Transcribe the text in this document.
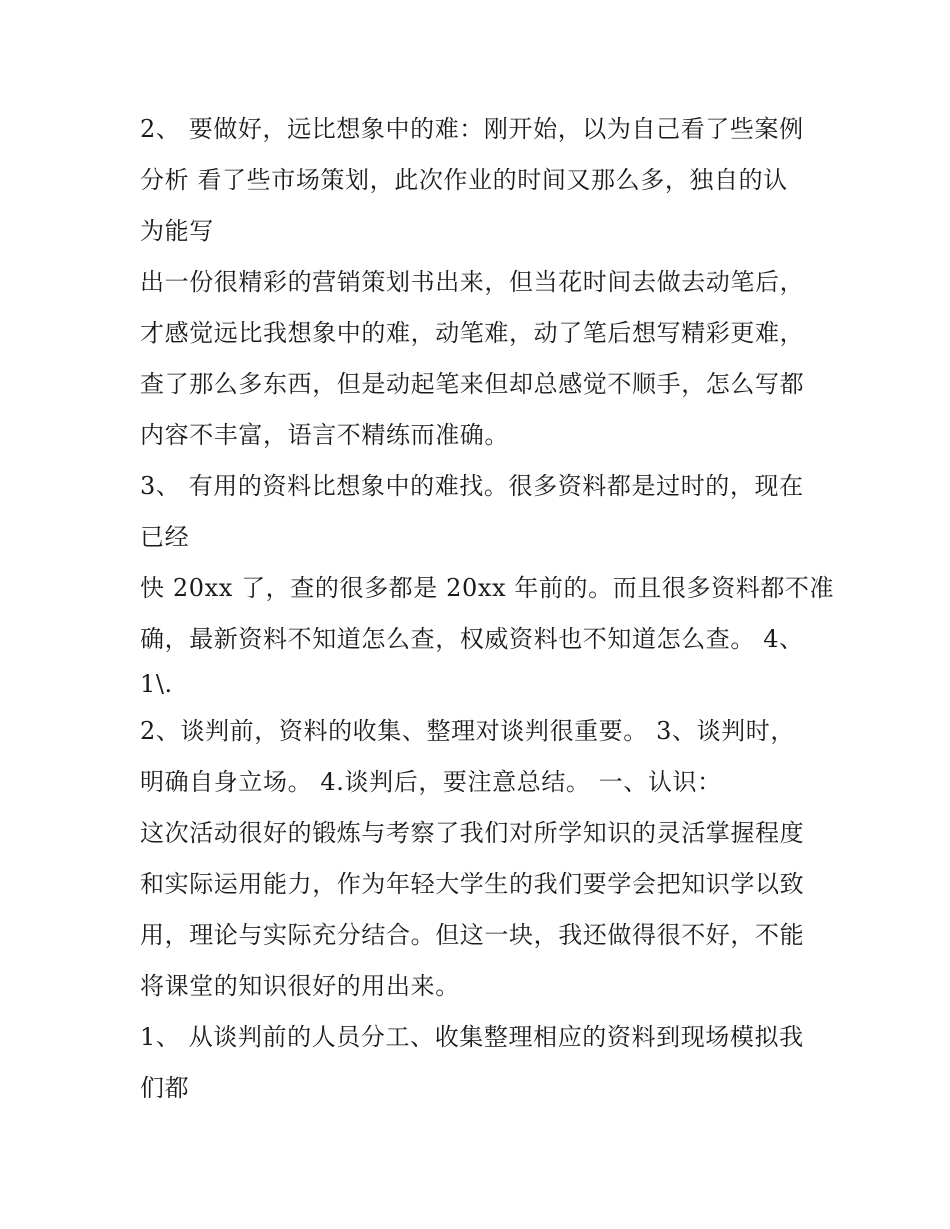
2、 要做好，远比想象中的难：刚开始，以为自己看了些案例
分析 看了些市场策划，此次作业的时间又那么多，独自的认
为能写
出一份很精彩的营销策划书出来，但当花时间去做去动笔后，
才感觉远比我想象中的难，动笔难，动了笔后想写精彩更难，
查了那么多东西，但是动起笔来但却总感觉不顺手，怎么写都
内容不丰富，语言不精练而准确。
3、 有用的资料比想象中的难找。很多资料都是过时的，现在
已经
快 20xx 了，查的很多都是 20xx 年前的。而且很多资料都不准
确，最新资料不知道怎么查，权威资料也不知道怎么查。 4、
1\.
2、谈判前，资料的收集、整理对谈判很重要。 3、谈判时，
明确自身立场。 4.谈判后，要注意总结。 一、认识：
这次活动很好的锻炼与考察了我们对所学知识的灵活掌握程度
和实际运用能力，作为年轻大学生的我们要学会把知识学以致
用，理论与实际充分结合。但这一块，我还做得很不好，不能
将课堂的知识很好的用出来。
1、 从谈判前的人员分工、收集整理相应的资料到现场模拟我
们都
